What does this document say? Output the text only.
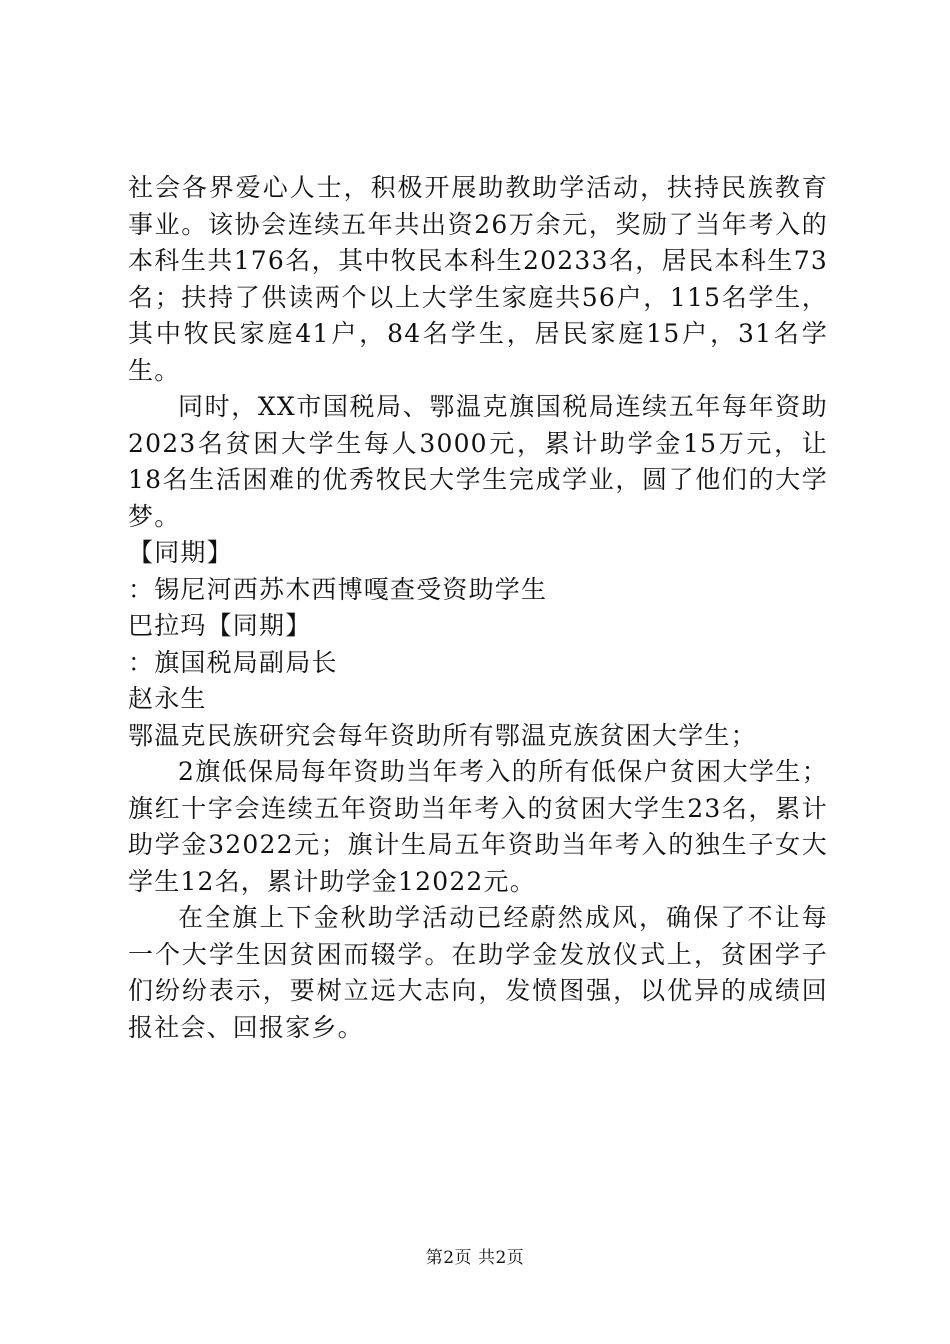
社会各界爱心人士，积极开展助教助学活动，扶持民族教育事业。该协会连续五年共出资26万余元，奖励了当年考入的本科生共176名，其中牧民本科生20233名，居民本科生73名；扶持了供读两个以上大学生家庭共56户，115名学生，其中牧民家庭41户，84名学生，居民家庭15户，31名学生。

同时，XX市国税局、鄂温克旗国税局连续五年每年资助2023名贫困大学生每人3000元，累计助学金15万元，让18名生活困难的优秀牧民大学生完成学业，圆了他们的大学梦。

【同期】

：锡尼河西苏木西博嘎查受资助学生

巴拉玛【同期】

：旗国税局副局长

赵永生

鄂温克民族研究会每年资助所有鄂温克族贫困大学生；

2旗低保局每年资助当年考入的所有低保户贫困大学生；旗红十字会连续五年资助当年考入的贫困大学生23名，累计助学金32022元；旗计生局五年资助当年考入的独生子女大学生12名，累计助学金12022元。

在全旗上下金秋助学活动已经蔚然成风，确保了不让每一个大学生因贫困而辍学。在助学金发放仪式上，贫困学子们纷纷表示，要树立远大志向，发愤图强，以优异的成绩回报社会、回报家乡。

第2页 共2页
